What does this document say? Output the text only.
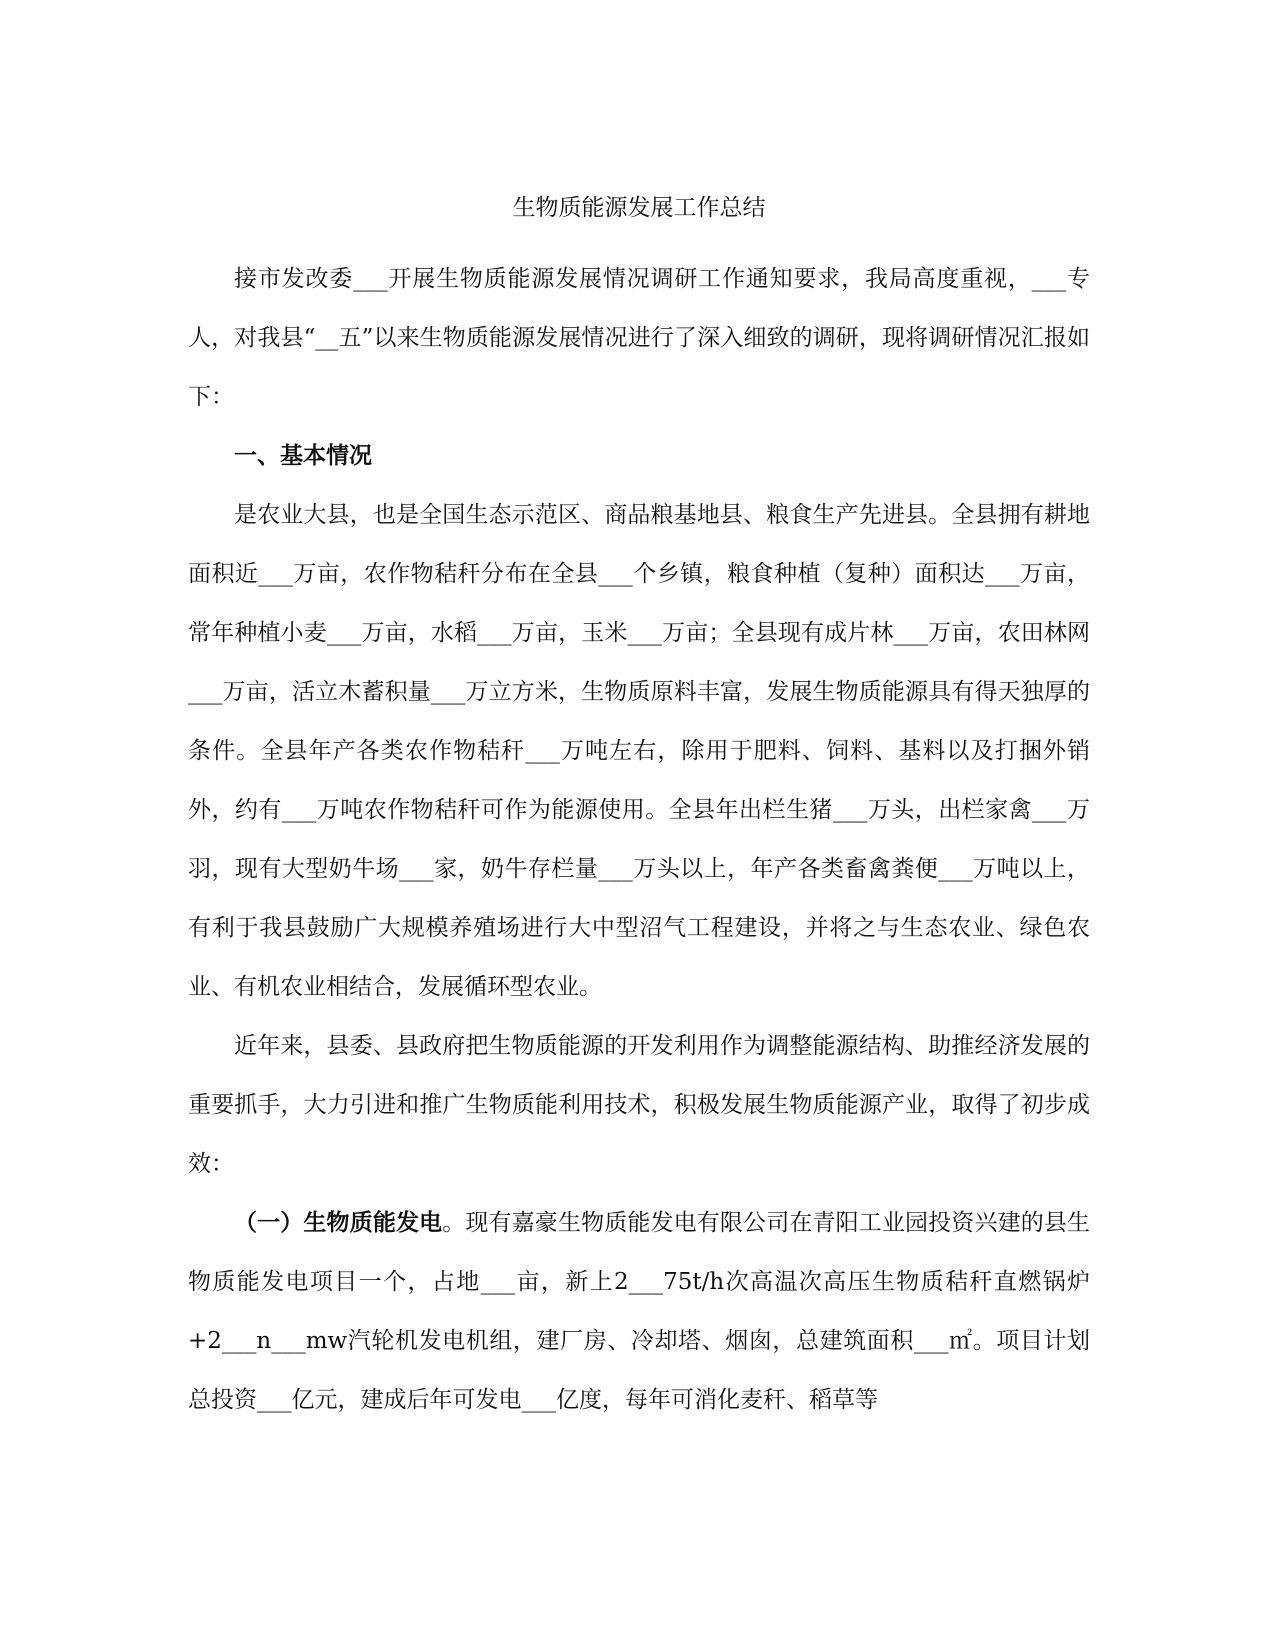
生物质能源发展工作总结

接市发改委___开展生物质能源发展情况调研工作通知要求，我局高度重视，___专人，对我县“__五”以来生物质能源发展情况进行了深入细致的调研，现将调研情况汇报如下：

一、基本情况

是农业大县，也是全国生态示范区、商品粮基地县、粮食生产先进县。全县拥有耕地面积近___万亩，农作物秸秆分布在全县___个乡镇，粮食种植（复种）面积达___万亩，常年种植小麦___万亩，水稻___万亩，玉米___万亩；全县现有成片林___万亩，农田林网___万亩，活立木蓄积量___万立方米，生物质原料丰富，发展生物质能源具有得天独厚的条件。全县年产各类农作物秸秆___万吨左右，除用于肥料、饲料、基料以及打捆外销外，约有___万吨农作物秸秆可作为能源使用。全县年出栏生猪___万头，出栏家禽___万羽，现有大型奶牛场___家，奶牛存栏量___万头以上，年产各类畜禽粪便___万吨以上，有利于我县鼓励广大规模养殖场进行大中型沼气工程建设，并将之与生态农业、绿色农业、有机农业相结合，发展循环型农业。

近年来，县委、县政府把生物质能源的开发利用作为调整能源结构、助推经济发展的重要抓手，大力引进和推广生物质能利用技术，积极发展生物质能源产业，取得了初步成效：

（一）生物质能发电。现有嘉豪生物质能发电有限公司在青阳工业园投资兴建的县生物质能发电项目一个，占地___亩，新上2___75t/h次高温次高压生物质秸秆直燃锅炉+2___n___mw汽轮机发电机组，建厂房、冷却塔、烟囱，总建筑面积___㎡。项目计划总投资___亿元，建成后年可发电___亿度，每年可消化麦秆、稻草等
